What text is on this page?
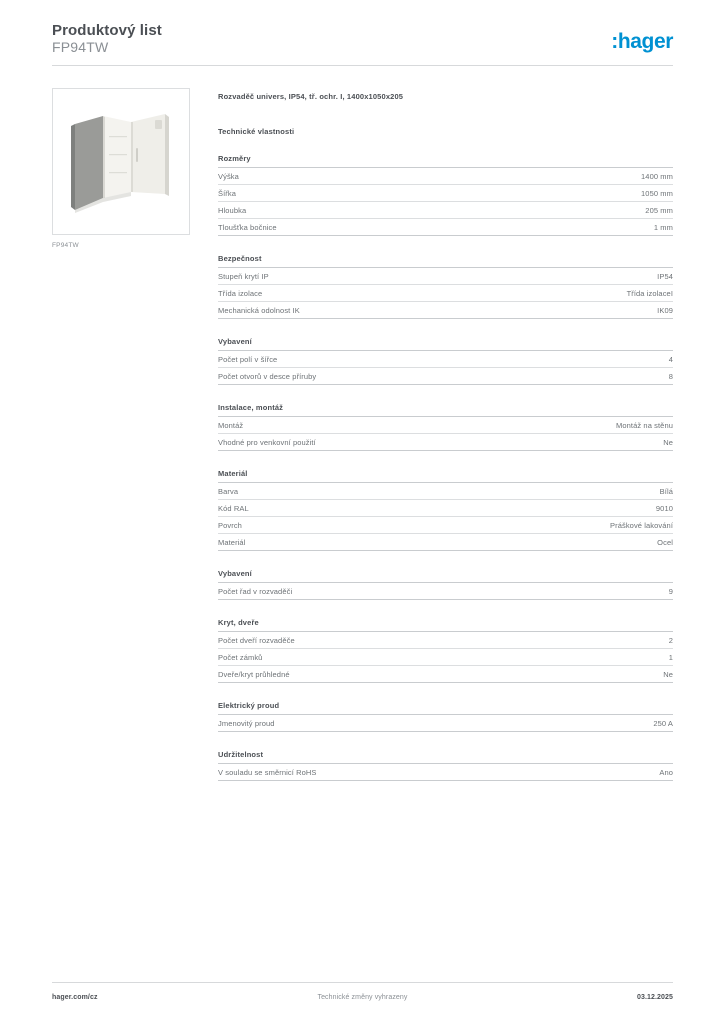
Produktový list
FP94TW	:hager
FP94TW
Rozvaděč univers, IP54, tř. ochr. I, 1400x1050x205
Technické vlastnosti
Rozměry
Výška	1400 mm
Šířka	1050 mm
Hloubka	205 mm
Tloušťka bočnice	1 mm
Bezpečnost
Stupeň krytí IP	IP54
Třída izolace	Třída izolaceI
Mechanická odolnost IK	IK09
Vybavení
Počet polí v šířce	4
Počet otvorů v desce příruby	8
Instalace, montáž
Montáž	Montáž na stěnu
Vhodné pro venkovní použití	Ne
Materiál
Barva	Bílá
Kód RAL	9010
Povrch	Práškové lakování
Materiál	Ocel
Vybavení
Počet řad v rozvaděči	9
Kryt, dveře
Počet dveří rozvaděče	2
Počet zámků	1
Dveře/kryt průhledné	Ne
Elektrický proud
Jmenovitý proud	250 A
Udržitelnost
V souladu se směrnicí RoHS	Ano
hager.com/cz	Technické změny vyhrazeny	03.12.2025
